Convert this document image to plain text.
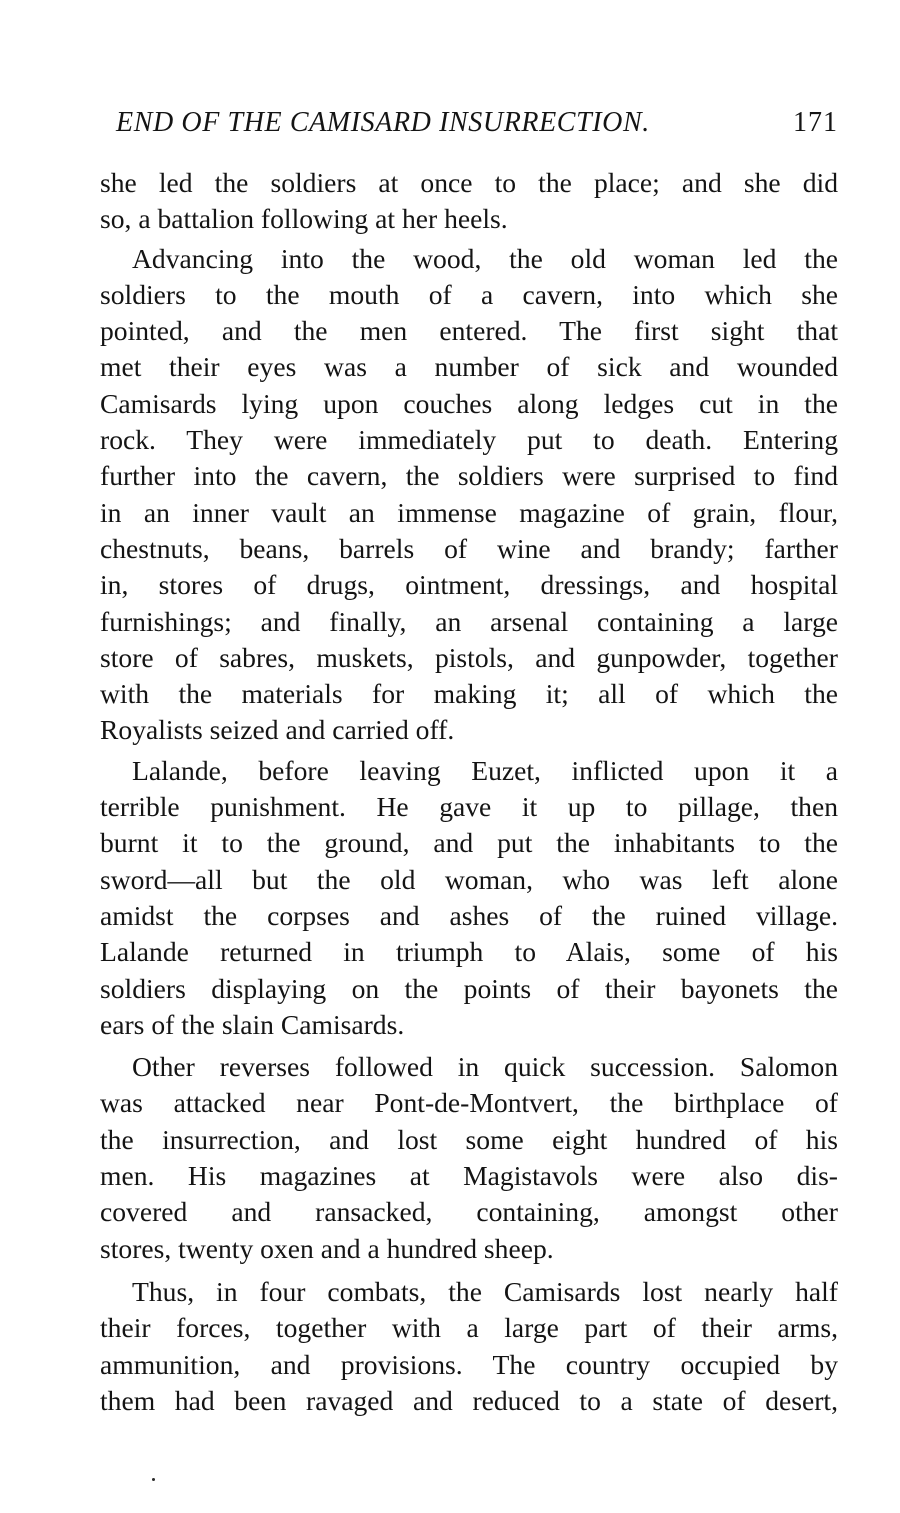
END OF THE CAMISARD INSURRECTION.	171

she led the soldiers at once to the place; and she did
so, a battalion following at her heels.

Advancing into the wood, the old woman led the
soldiers to the mouth of a cavern, into which she
pointed, and the men entered. The first sight that
met their eyes was a number of sick and wounded
Camisards lying upon couches along ledges cut in the
rock. They were immediately put to death. Entering
further into the cavern, the soldiers were surprised to find
in an inner vault an immense magazine of grain, flour,
chestnuts, beans, barrels of wine and brandy; farther
in, stores of drugs, ointment, dressings, and hospital
furnishings; and finally, an arsenal containing a large
store of sabres, muskets, pistols, and gunpowder, together
with the materials for making it; all of which the
Royalists seized and carried off.

Lalande, before leaving Euzet, inflicted upon it a
terrible punishment. He gave it up to pillage, then
burnt it to the ground, and put the inhabitants to the
sword—all but the old woman, who was left alone
amidst the corpses and ashes of the ruined village.
Lalande returned in triumph to Alais, some of his
soldiers displaying on the points of their bayonets the
ears of the slain Camisards.

Other reverses followed in quick succession. Salomon
was attacked near Pont-de-Montvert, the birthplace of
the insurrection, and lost some eight hundred of his
men. His magazines at Magistavols were also dis-
covered and ransacked, containing, amongst other
stores, twenty oxen and a hundred sheep.

Thus, in four combats, the Camisards lost nearly half
their forces, together with a large part of their arms,
ammunition, and provisions. The country occupied by
them had been ravaged and reduced to a state of desert,
